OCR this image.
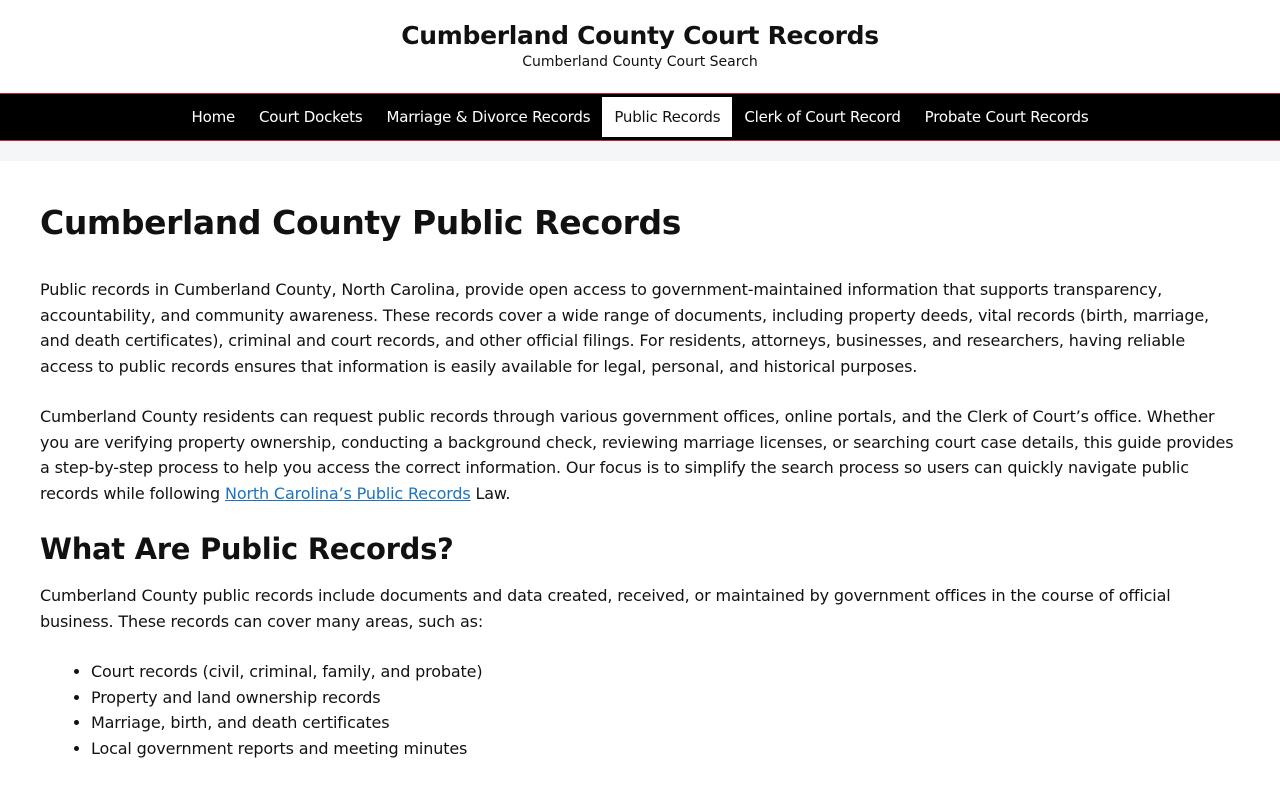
Cumberland County Court Records
Cumberland County Court Search
Home	Court Dockets	Marriage & Divorce Records	Public Records	Clerk of Court Record	Probate Court Records
Cumberland County Public Records

Public records in Cumberland County, North Carolina, provide open access to government-maintained information that supports transparency, accountability, and community awareness. These records cover a wide range of documents, including property deeds, vital records (birth, marriage, and death certificates), criminal and court records, and other official filings. For residents, attorneys, businesses, and researchers, having reliable access to public records ensures that information is easily available for legal, personal, and historical purposes.

Cumberland County residents can request public records through various government offices, online portals, and the Clerk of Court’s office. Whether you are verifying property ownership, conducting a background check, reviewing marriage licenses, or searching court case details, this guide provides a step-by-step process to help you access the correct information. Our focus is to simplify the search process so users can quickly navigate public records while following North Carolina’s Public Records Law.

What Are Public Records?

Cumberland County public records include documents and data created, received, or maintained by government offices in the course of official business. These records can cover many areas, such as:

• Court records (civil, criminal, family, and probate)
• Property and land ownership records
• Marriage, birth, and death certificates
• Local government reports and meeting minutes
